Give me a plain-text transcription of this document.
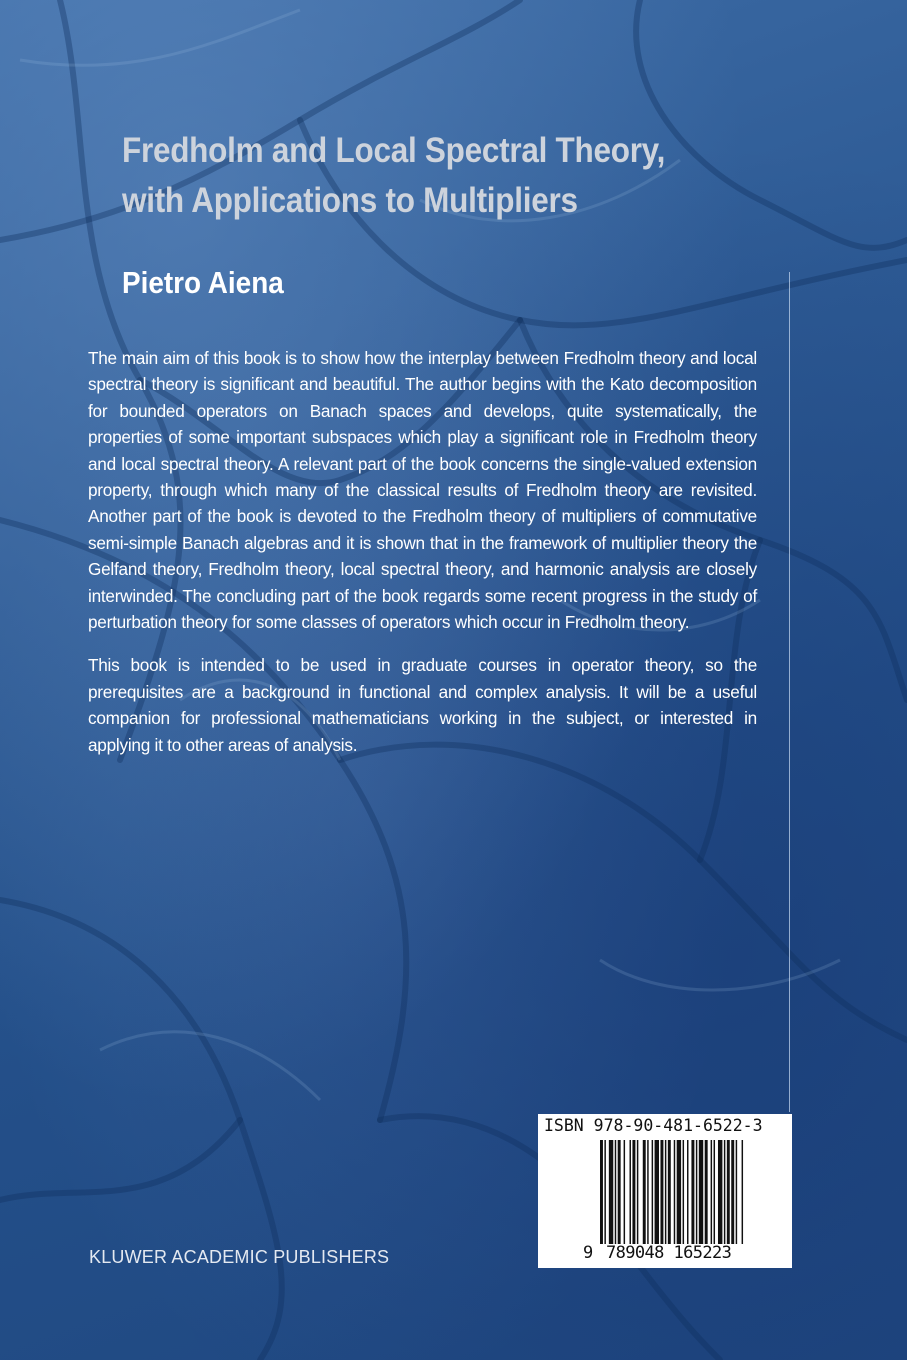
Fredholm and Local Spectral Theory,
with Applications to Multipliers
Pietro Aiena

The main aim of this book is to show how the interplay between Fredholm theory and local spectral theory is significant and beautiful. The author begins with the Kato decomposition for bounded operators on Banach spaces and develops, quite systematically, the properties of some important subspaces which play a significant role in Fredholm theory and local spectral theory. A relevant part of the book concerns the single-valued extension property, through which many of the classical results of Fredholm theory are revisited. Another part of the book is devoted to the Fredholm theory of multipliers of commutative semi-simple Banach algebras and it is shown that in the framework of multiplier theory the Gelfand theory, Fredholm theory, local spectral theory, and harmonic analysis are closely interwinded. The concluding part of the book regards some recent progress in the study of perturbation theory for some classes of operators which occur in Fredholm theory.

This book is intended to be used in graduate courses in operator theory, so the prerequisites are a background in functional and complex analysis. It will be a useful companion for professional mathematicians working in the subject, or interested in applying it to other areas of analysis.

KLUWER ACADEMIC PUBLISHERS
ISBN 978-90-481-6522-3
9 789048 165223
